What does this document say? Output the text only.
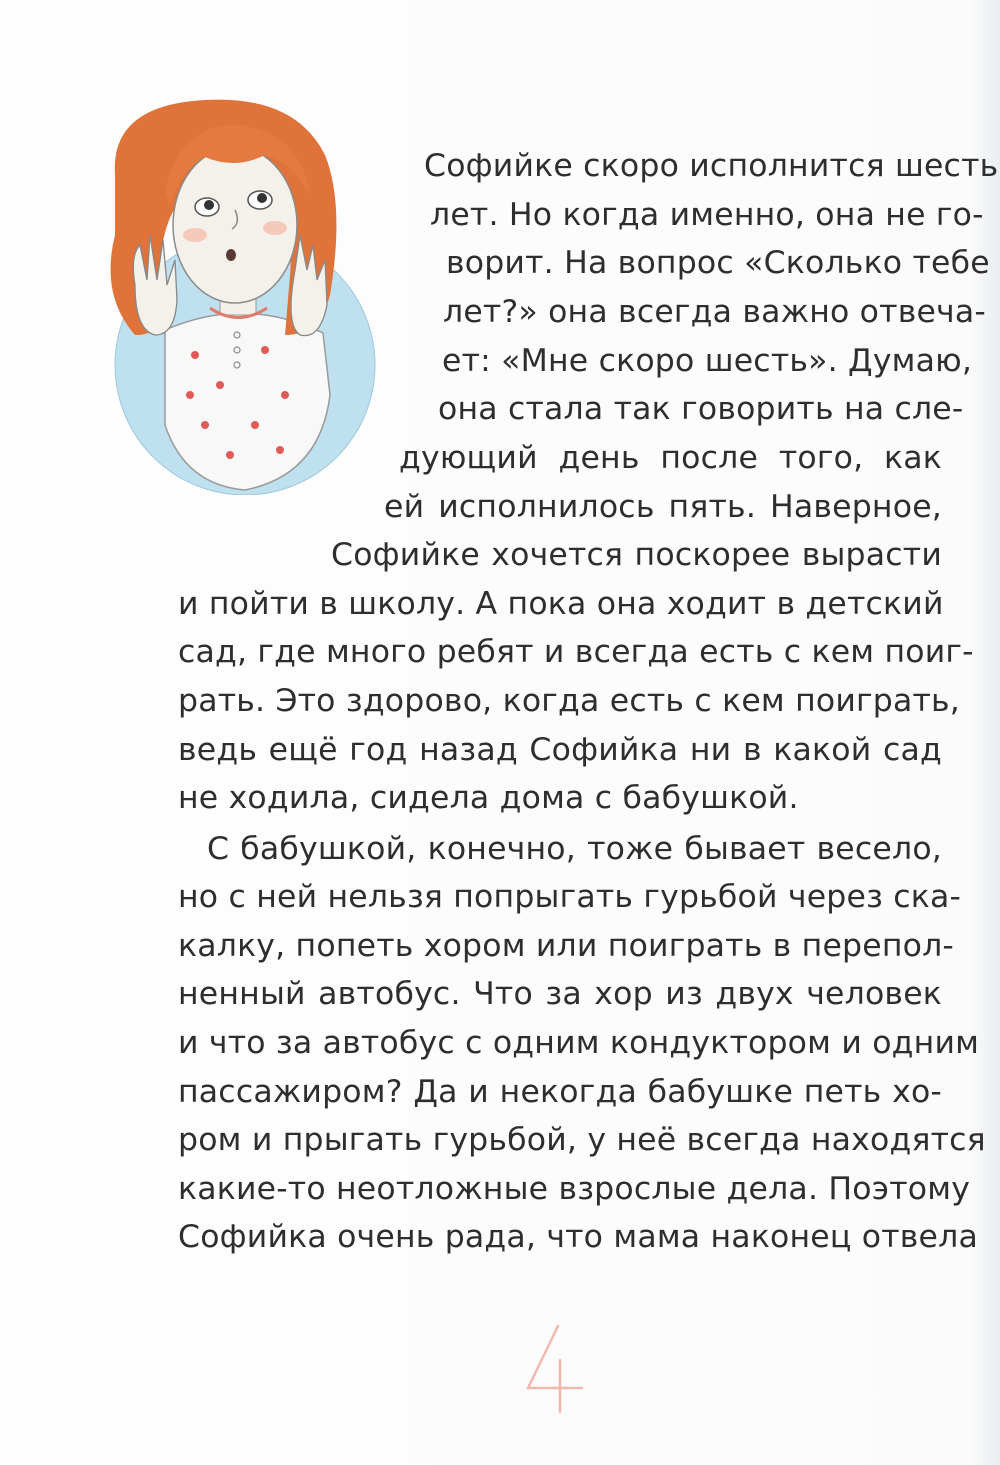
Софийке скоро исполнится шесть
лет. Но когда именно, она не го-
ворит. На вопрос «Сколько тебе
лет?» она всегда важно отвеча-
ет: «Мне скоро шесть». Думаю,
она стала так говорить на сле-
дующий день после того, как
ей исполнилось пять. Наверное,
Софийке хочется поскорее вырасти
и пойти в школу. А пока она ходит в детский
сад, где много ребят и всегда есть с кем поиг-
рать. Это здорово, когда есть с кем поиграть,
ведь ещё год назад Софийка ни в какой сад
не ходила, сидела дома с бабушкой.
С бабушкой, конечно, тоже бывает весело,
но с ней нельзя попрыгать гурьбой через ска-
калку, попеть хором или поиграть в перепол-
ненный автобус. Что за хор из двух человек
и что за автобус с одним кондуктором и одним
пассажиром? Да и некогда бабушке петь хо-
ром и прыгать гурьбой, у неё всегда находятся
какие-то неотложные взрослые дела. Поэтому
Софийка очень рада, что мама наконец отвела
